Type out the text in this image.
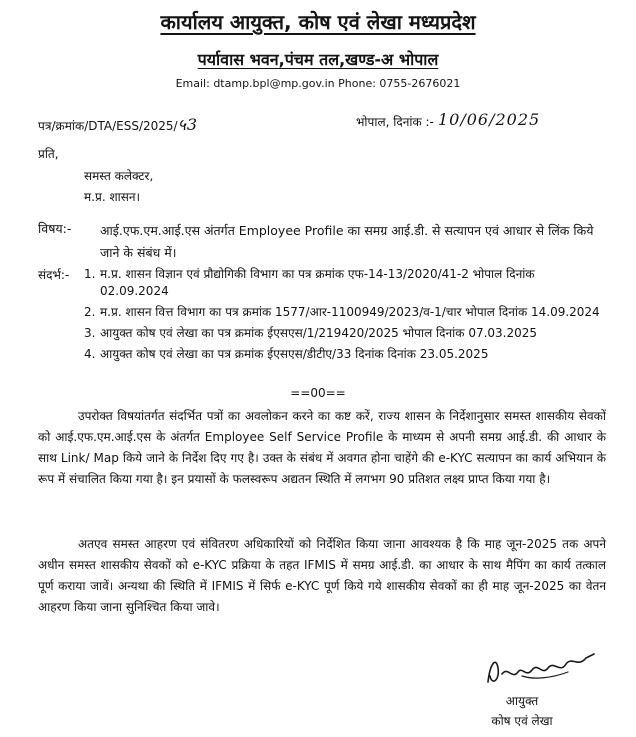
कार्यालय आयुक्त, कोष एवं लेखा मध्यप्रदेश
पर्यावास भवन,पंचम तल,खण्ड-अ भोपाल
Email: dtamp.bpl@mp.gov.in Phone: 0755-2676021
पत्र/क्रमांक/DTA/ESS/2025/५3	भोपाल, दिनांक :- 10/06/2025
प्रति,
समस्त कलेक्टर,
म.प्र. शासन।
विषय:- आई.एफ.एम.आई.एस अंतर्गत Employee Profile का समग्र आई.डी. से सत्यापन एवं आधार से लिंक किये जाने के संबंध में।
संदर्भ:- 1. म.प्र. शासन विज्ञान एवं प्रौद्योगिकी विभाग का पत्र क्रमांक एफ-14-13/2020/41-2 भोपाल दिनांक 02.09.2024
2. म.प्र. शासन वित्त विभाग का पत्र क्रमांक 1577/आर-1100949/2023/व-1/चार भोपाल दिनांक 14.09.2024
3. आयुक्त कोष एवं लेखा का पत्र क्रमांक ईएसएस/1/219420/2025 भोपाल दिनांक 07.03.2025
4. आयुक्त कोष एवं लेखा का पत्र क्रमांक ईएसएस/डीटीए/33 दिनांक दिनांक 23.05.2025
==00==
उपरोक्त विषयांतर्गत संदर्भित पत्रों का अवलोकन करने का कष्ट करें, राज्य शासन के निर्देशानुसार समस्त शासकीय सेवकों को आई.एफ.एम.आई.एस के अंतर्गत Employee Self Service Profile के माध्यम से अपनी समग्र आई.डी. की आधार के साथ Link/ Map किये जाने के निर्देश दिए गए है। उक्त के संबंध में अवगत होना चाहेंगे की e-KYC सत्यापन का कार्य अभियान के रूप में संचालित किया गया है। इन प्रयासों के फलस्वरूप अद्यतन स्थिति में लगभग 90 प्रतिशत लक्ष्य प्राप्त किया गया है।
अतएव समस्त आहरण एवं संवितरण अधिकारियों को निर्देशित किया जाना आवश्यक है कि माह जून-2025 तक अपने अधीन समस्त शासकीय सेवकों को e-KYC प्रक्रिया के तहत IFMIS में समग्र आई.डी. का आधार के साथ मैपिंग का कार्य तत्काल पूर्ण कराया जावें। अन्यथा की स्थिति में IFMIS में सिर्फ e-KYC पूर्ण किये गये शासकीय सेवकों का ही माह जून-2025 का वेतन आहरण किया जाना सुनिश्चित किया जावे।
आयुक्त
कोष एवं लेखा
